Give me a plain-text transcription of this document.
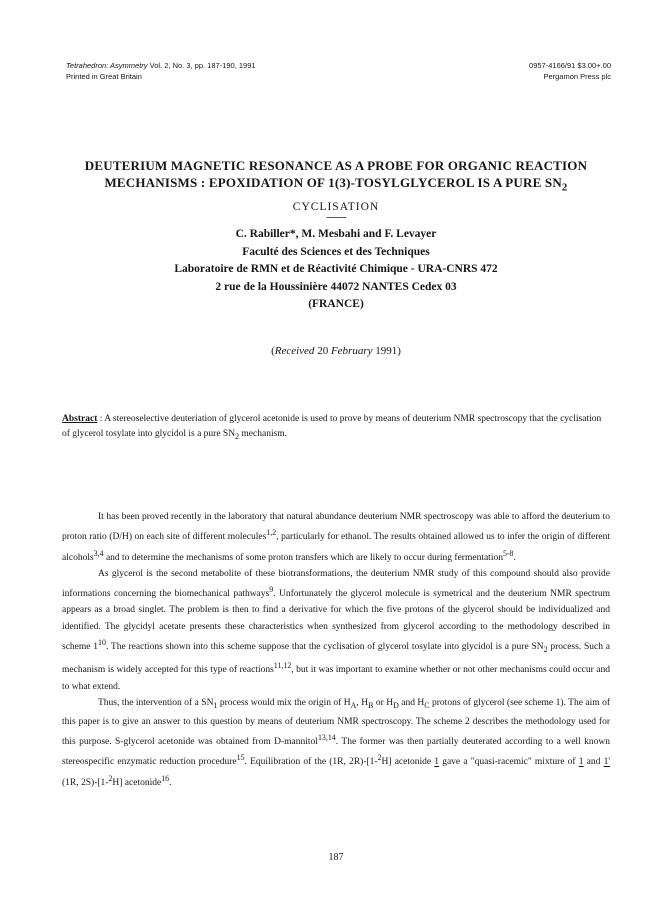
Tetrahedron: Asymmetry Vol. 2, No. 3, pp. 187-190, 1991
Printed in Great Britain
0957-4166/91 $3.00+.00
Pergamon Press plc
DEUTERIUM MAGNETIC RESONANCE AS A PROBE FOR ORGANIC REACTION
MECHANISMS : EPOXIDATION OF 1(3)-TOSYLGLYCEROL IS A PURE $SN_2$
CYCLISATION
-------
C. Rabiller*, M. Mesbahi and F. Levayer
Faculté des Sciences et des Techniques
Laboratoire de RMN et de Réactivité Chimique - URA-CNRS 472
2 rue de la Houssinière 44072 NANTES Cedex 03
(FRANCE)
(Received 20 February 1991)
Abstract : A stereoselective deuteriation of glycerol acetonide is used to prove by means of deuterium NMR spectroscopy that the cyclisation of glycerol tosylate into glycidol is a pure $SN_2$ mechanism.

It has been proved recently in the laboratory that natural abundance deuterium NMR spectroscopy was able to afford the deuterium to proton ratio (D/H) on each site of different molecules$^{1,2}$, particularly for ethanol. The results obtained allowed us to infer the origin of different alcohols$^{3,4}$ and to determine the mechanisms of some proton transfers which are likely to occur during fermentation$^{5-8}$.

As glycerol is the second metabolite of these biotransformations, the deuterium NMR study of this compound should also provide informations concerning the biomechanical pathways$^9$. Unfortunately the glycerol molecule is symetrical and the deuterium NMR spectrum appears as a broad singlet. The problem is then to find a derivative for which the five protons of the glycerol should be individualized and identified. The glycidyl acetate presents these characteristics when synthesized from glycerol according to the methodology described in scheme $1^{10}$. The reactions shown into this scheme suppose that the cyclisation of glycerol tosylate into glycidol is a pure $SN_2$ process. Such a mechanism is widely accepted for this type of reactions$^{11,12}$, but it was important to examine whether or not other mechanisms could occur and to what extend.

Thus, the intervention of a $SN_1$ process would mix the origin of $H_A$, $H_B$ or $H_D$ and $H_C$ protons of glycerol (see scheme 1). The aim of this paper is to give an answer to this question by means of deuterium NMR spectroscopy. The scheme 2 describes the methodology used for this purpose. S-glycerol acetonide was obtained from D-mannitol$^{13,14}$. The former was then partially deuterated according to a well known stereospecific enzymatic reduction procedure$^{15}$. Equilibration of the (1R, 2R)-[1-$^2$H] acetonide 1 gave a "quasi-racemic" mixture of 1 and 1' (1R, 2S)-[1-$^2$H] acetonide$^{16}$.

187
